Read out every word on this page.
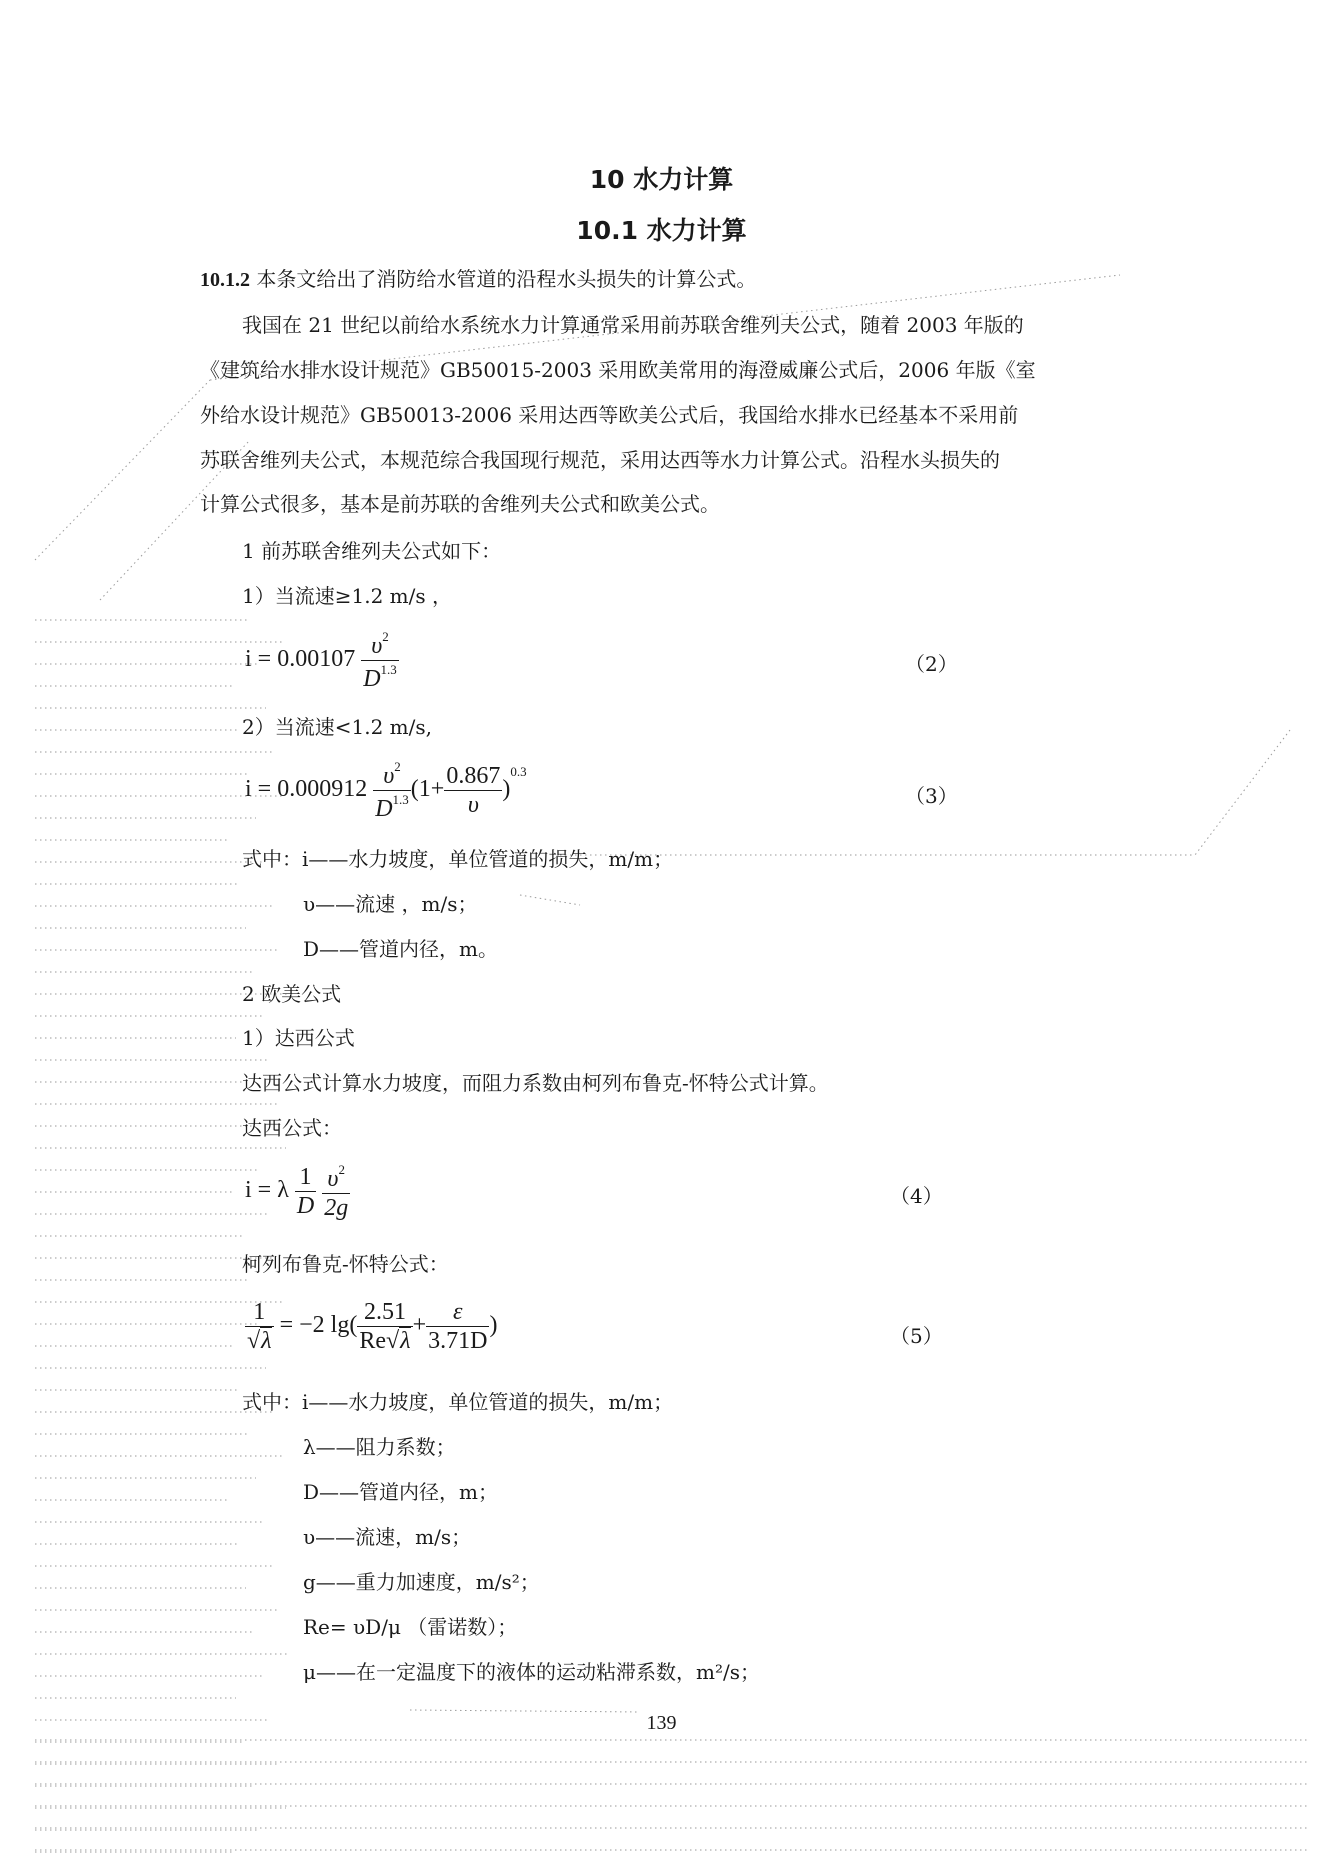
10 水力计算
10.1 水力计算
10.1.2 本条文给出了消防给水管道的沿程水头损失的计算公式。
我国在 21 世纪以前给水系统水力计算通常采用前苏联舍维列夫公式，随着 2003 年版的
《建筑给水排水设计规范》GB50015-2003 采用欧美常用的海澄威廉公式后，2006 年版《室
外给水设计规范》GB50013-2006 采用达西等欧美公式后，我国给水排水已经基本不采用前
苏联舍维列夫公式，本规范综合我国现行规范，采用达西等水力计算公式。沿程水头损失的
计算公式很多，基本是前苏联的舍维列夫公式和欧美公式。
1 前苏联舍维列夫公式如下：
1）当流速≥1.2 m/s ，
$i = 0.00107 \frac{\upsilon^2}{D^{1.3}}$	（2）
2）当流速<1.2 m/s,
$i = 0.000912 \frac{\upsilon^2}{D^{1.3}} (1+ \frac{0.867}{\upsilon} )^{0.3}$
（3）
式中：i——水力坡度，单位管道的损失，m/m；
υ——流速 ，m/s；
D——管道内径，m。
2 欧美公式
1）达西公式
达西公式计算水力坡度，而阻力系数由柯列布鲁克-怀特公式计算。
达西公式：
i = λ $\frac{1}{D}$
$\frac{\upsilon^2}{2g}$	（4）
柯列布鲁克-怀特公式：
$\frac{1}{√\lambda} = -2$ $\lg( \frac{2.51}{Re√\lambda} + \frac{\varepsilon}{3.71D}$ )	（5）
式中：i——水力坡度，单位管道的损失，m/m；
λ——阻力系数；
D——管道内径，m；
υ——流速，m/s；
g——重力加速度，m/s²；
Re= υD/μ （雷诺数）；
μ——在一定温度下的液体的运动粘滞系数，m²/s；
139
